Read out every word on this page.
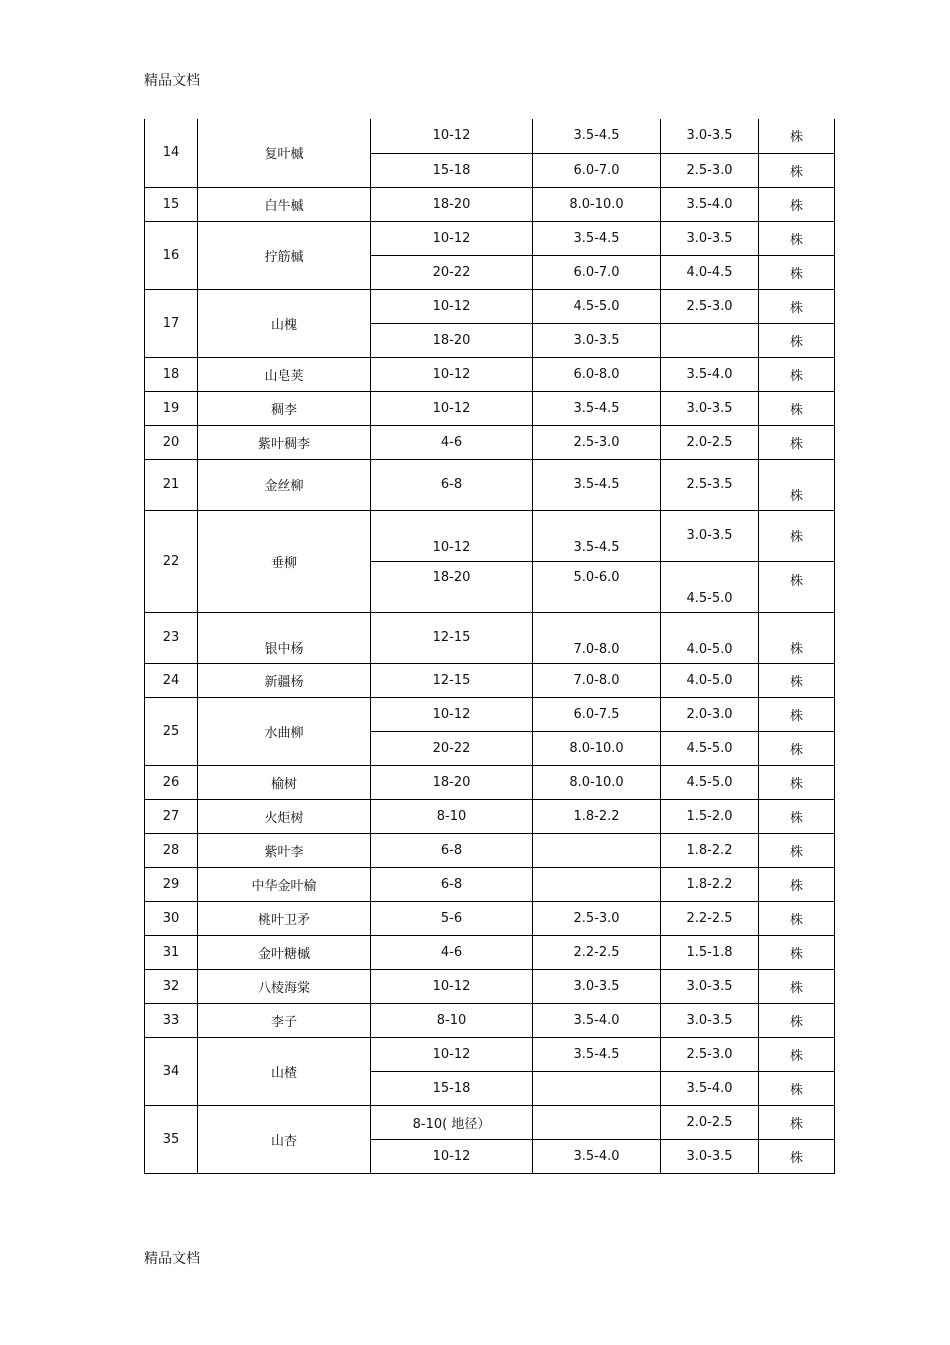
精品文档
14	复叶槭	10-12	3.5-4.5	3.0-3.5	株
		15-18	6.0-7.0	2.5-3.0	株
15	白牛槭	18-20	8.0-10.0	3.5-4.0	株
16	拧筋槭	10-12	3.5-4.5	3.0-3.5	株
		20-22	6.0-7.0	4.0-4.5	株
17	山槐	10-12	4.5-5.0	2.5-3.0	株
		18-20	3.0-3.5		株
18	山皂荚	10-12	6.0-8.0	3.5-4.0	株
19	稠李	10-12	3.5-4.5	3.0-3.5	株
20	紫叶稠李	4-6	2.5-3.0	2.0-2.5	株
21	金丝柳	6-8	3.5-4.5	2.5-3.5	株
22	垂柳	10-12	3.5-4.5	3.0-3.5	株
		18-20	5.0-6.0	4.5-5.0	株
23	银中杨	12-15	7.0-8.0	4.0-5.0	株
24	新疆杨	12-15	7.0-8.0	4.0-5.0	株
25	水曲柳	10-12	6.0-7.5	2.0-3.0	株
		20-22	8.0-10.0	4.5-5.0	株
26	榆树	18-20	8.0-10.0	4.5-5.0	株
27	火炬树	8-10	1.8-2.2	1.5-2.0	株
28	紫叶李	6-8		1.8-2.2	株
29	中华金叶榆	6-8		1.8-2.2	株
30	桃叶卫矛	5-6	2.5-3.0	2.2-2.5	株
31	金叶糖槭	4-6	2.2-2.5	1.5-1.8	株
32	八棱海棠	10-12	3.0-3.5	3.0-3.5	株
33	李子	8-10	3.5-4.0	3.0-3.5	株
34	山楂	10-12	3.5-4.5	2.5-3.0	株
		15-18		3.5-4.0	株
35	山杏	8-10( 地径）		2.0-2.5	株
		10-12	3.5-4.0	3.0-3.5	株
精品文档
